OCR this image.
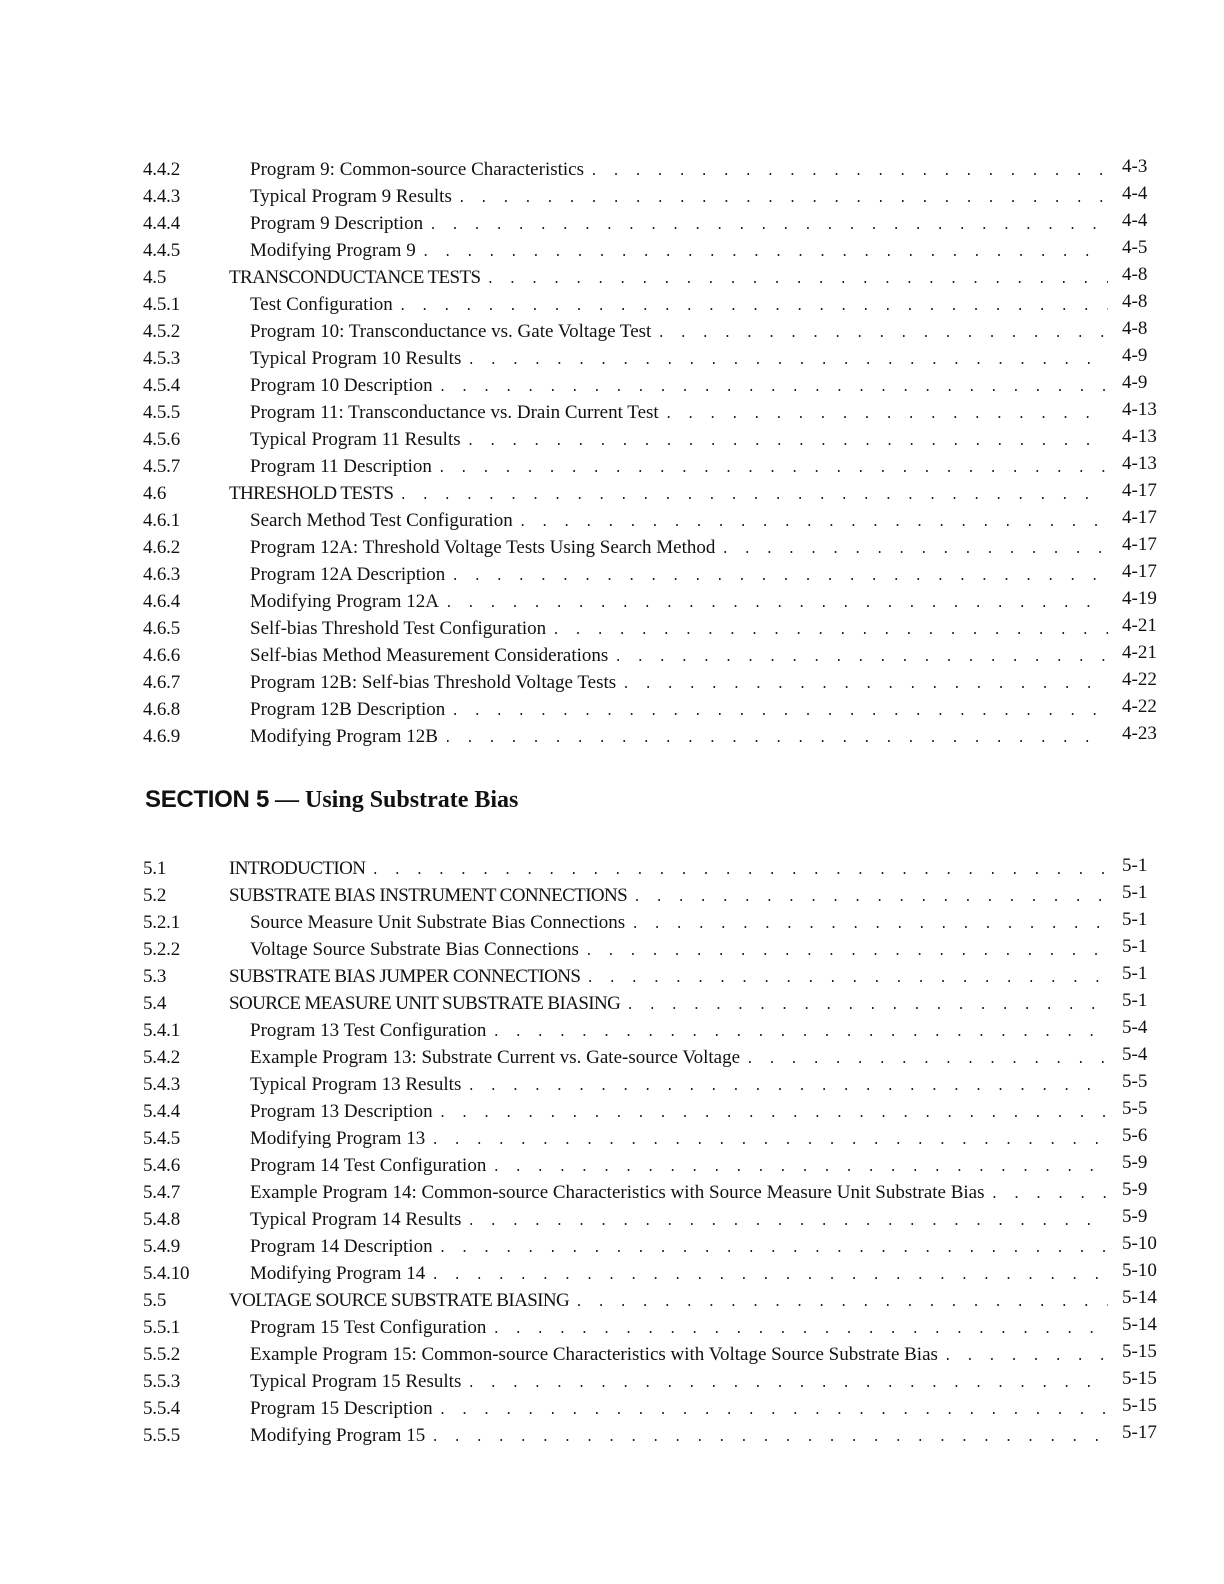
4.4.2	Program 9: Common-source Characteristics . . .	4-3
4.4.3	Typical Program 9 Results . . .	4-4
4.4.4	Program 9 Description . . .	4-4
4.4.5	Modifying Program 9 . . .	4-5
4.5	TRANSCONDUCTANCE TESTS . . .	4-8
4.5.1	Test Configuration . . .	4-8
4.5.2	Program 10: Transconductance vs. Gate Voltage Test . . .	4-8
4.5.3	Typical Program 10 Results . . .	4-9
4.5.4	Program 10 Description . . .	4-9
4.5.5	Program 11: Transconductance vs. Drain Current Test . . .	4-13
4.5.6	Typical Program 11 Results . . .	4-13
4.5.7	Program 11 Description . . .	4-13
4.6	THRESHOLD TESTS . . .	4-17
4.6.1	Search Method Test Configuration . . .	4-17
4.6.2	Program 12A: Threshold Voltage Tests Using Search Method . . .	4-17
4.6.3	Program 12A Description . . .	4-17
4.6.4	Modifying Program 12A . . .	4-19
4.6.5	Self-bias Threshold Test Configuration . . .	4-21
4.6.6	Self-bias Method Measurement Considerations . . .	4-21
4.6.7	Program 12B: Self-bias Threshold Voltage Tests . . .	4-22
4.6.8	Program 12B Description . . .	4-22
4.6.9	Modifying Program 12B . . .	4-23
SECTION 5 — Using Substrate Bias
5.1	INTRODUCTION . . .	5-1
5.2	SUBSTRATE BIAS INSTRUMENT CONNECTIONS . . .	5-1
5.2.1	Source Measure Unit Substrate Bias Connections . . .	5-1
5.2.2	Voltage Source Substrate Bias Connections . . .	5-1
5.3	SUBSTRATE BIAS JUMPER CONNECTIONS . . .	5-1
5.4	SOURCE MEASURE UNIT SUBSTRATE BIASING . . .	5-1
5.4.1	Program 13 Test Configuration . . .	5-4
5.4.2	Example Program 13: Substrate Current vs. Gate-source Voltage . . .	5-4
5.4.3	Typical Program 13 Results . . .	5-5
5.4.4	Program 13 Description . . .	5-5
5.4.5	Modifying Program 13 . . .	5-6
5.4.6	Program 14 Test Configuration . . .	5-9
5.4.7	Example Program 14: Common-source Characteristics with Source Measure Unit Substrate Bias . . .	5-9
5.4.8	Typical Program 14 Results . . .	5-9
5.4.9	Program 14 Description . . .	5-10
5.4.10	Modifying Program 14 . . .	5-10
5.5	VOLTAGE SOURCE SUBSTRATE BIASING . . .	5-14
5.5.1	Program 15 Test Configuration . . .	5-14
5.5.2	Example Program 15: Common-source Characteristics with Voltage Source Substrate Bias . . .	5-15
5.5.3	Typical Program 15 Results . . .	5-15
5.5.4	Program 15 Description . . .	5-15
5.5.5	Modifying Program 15 . . .	5-17
